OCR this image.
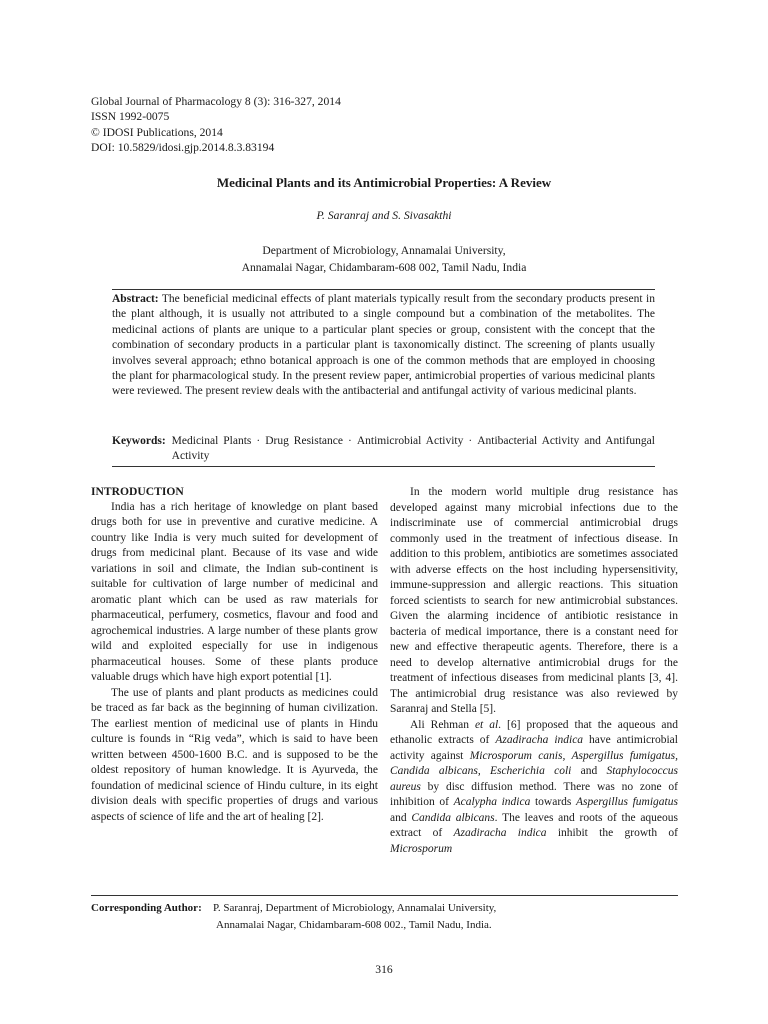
Global Journal of Pharmacology 8 (3): 316-327, 2014
ISSN 1992-0075
© IDOSI Publications, 2014
DOI: 10.5829/idosi.gjp.2014.8.3.83194
Medicinal Plants and its Antimicrobial Properties: A Review
P. Saranraj and S. Sivasakthi
Department of Microbiology, Annamalai University,
Annamalai Nagar, Chidambaram-608 002, Tamil Nadu, India
Abstract: The beneficial medicinal effects of plant materials typically result from the secondary products present in the plant although, it is usually not attributed to a single compound but a combination of the metabolites. The medicinal actions of plants are unique to a particular plant species or group, consistent with the concept that the combination of secondary products in a particular plant is taxonomically distinct. The screening of plants usually involves several approach; ethno botanical approach is one of the common methods that are employed in choosing the plant for pharmacological study. In the present review paper, antimicrobial properties of various medicinal plants were reviewed. The present review deals with the antibacterial and antifungal activity of various medicinal plants.
Keywords: Medicinal Plants · Drug Resistance · Antimicrobial Activity · Antibacterial Activity and Antifungal Activity

INTRODUCTION

India has a rich heritage of knowledge on plant based drugs both for use in preventive and curative medicine. A country like India is very much suited for development of drugs from medicinal plant. Because of its vase and wide variations in soil and climate, the Indian sub-continent is suitable for cultivation of large number of medicinal and aromatic plant which can be used as raw materials for pharmaceutical, perfumery, cosmetics, flavour and food and agrochemical industries. A large number of these plants grow wild and exploited especially for use in indigenous pharmaceutical houses. Some of these plants produce valuable drugs which have high export potential [1].

The use of plants and plant products as medicines could be traced as far back as the beginning of human civilization. The earliest mention of medicinal use of plants in Hindu culture is founds in “Rig veda”, which is said to have been written between 4500-1600 B.C. and is supposed to be the oldest repository of human knowledge. It is Ayurveda, the foundation of medicinal science of Hindu culture, in its eight division deals with specific properties of drugs and various aspects of science of life and the art of healing [2].

In the modern world multiple drug resistance has developed against many microbial infections due to the indiscriminate use of commercial antimicrobial drugs commonly used in the treatment of infectious disease. In addition to this problem, antibiotics are sometimes associated with adverse effects on the host including hypersensitivity, immune-suppression and allergic reactions. This situation forced scientists to search for new antimicrobial substances. Given the alarming incidence of antibiotic resistance in bacteria of medical importance, there is a constant need for new and effective therapeutic agents. Therefore, there is a need to develop alternative antimicrobial drugs for the treatment of infectious diseases from medicinal plants [3, 4]. The antimicrobial drug resistance was also reviewed by Saranraj and Stella [5].

Ali Rehman et al. [6] proposed that the aqueous and ethanolic extracts of Azadiracha indica have antimicrobial activity against Microsporum canis, Aspergillus fumigatus, Candida albicans, Escherichia coli and Staphylococcus aureus by disc diffusion method. There was no zone of inhibition of Acalypha indica towards Aspergillus fumigatus and Candida albicans. The leaves and roots of the aqueous extract of Azadiracha indica inhibit the growth of Microsporum

Corresponding Author: P. Saranraj, Department of Microbiology, Annamalai University,
Annamalai Nagar, Chidambaram-608 002., Tamil Nadu, India.
316
